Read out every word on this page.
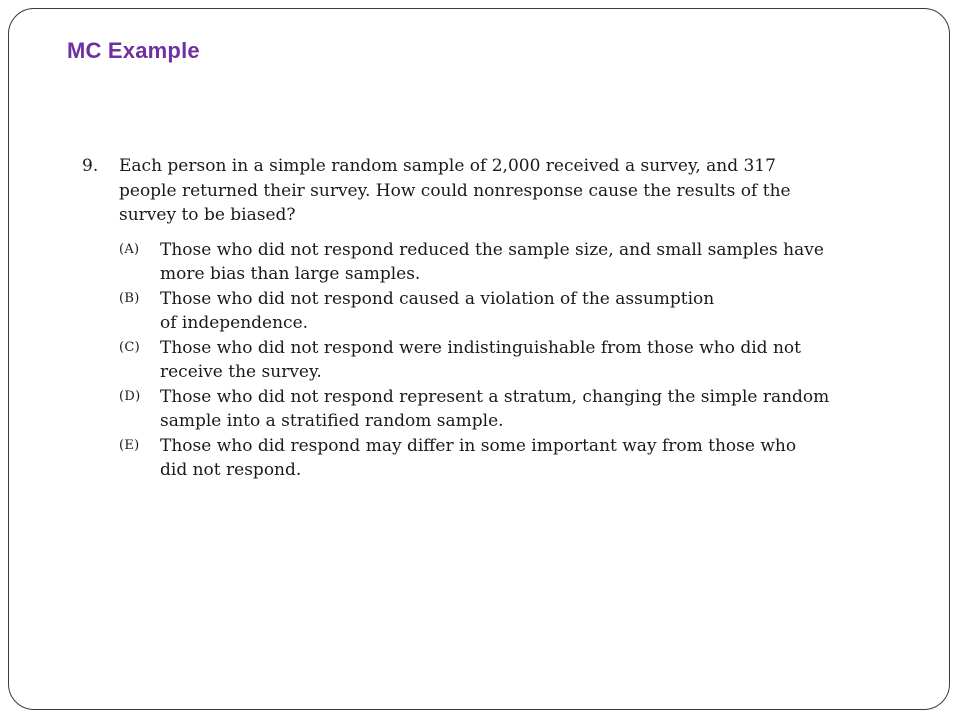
MC Example
9.	Each person in a simple random sample of 2,000 received a survey, and 317
people returned their survey. How could nonresponse cause the results of the
survey to be biased?
(A)	Those who did not respond reduced the sample size, and small samples have
more bias than large samples.
(B)	Those who did not respond caused a violation of the assumption
of independence.
(C)	Those who did not respond were indistinguishable from those who did not
receive the survey.
(D)	Those who did not respond represent a stratum, changing the simple random
sample into a stratified random sample.
(E)	Those who did respond may differ in some important way from those who
did not respond.
